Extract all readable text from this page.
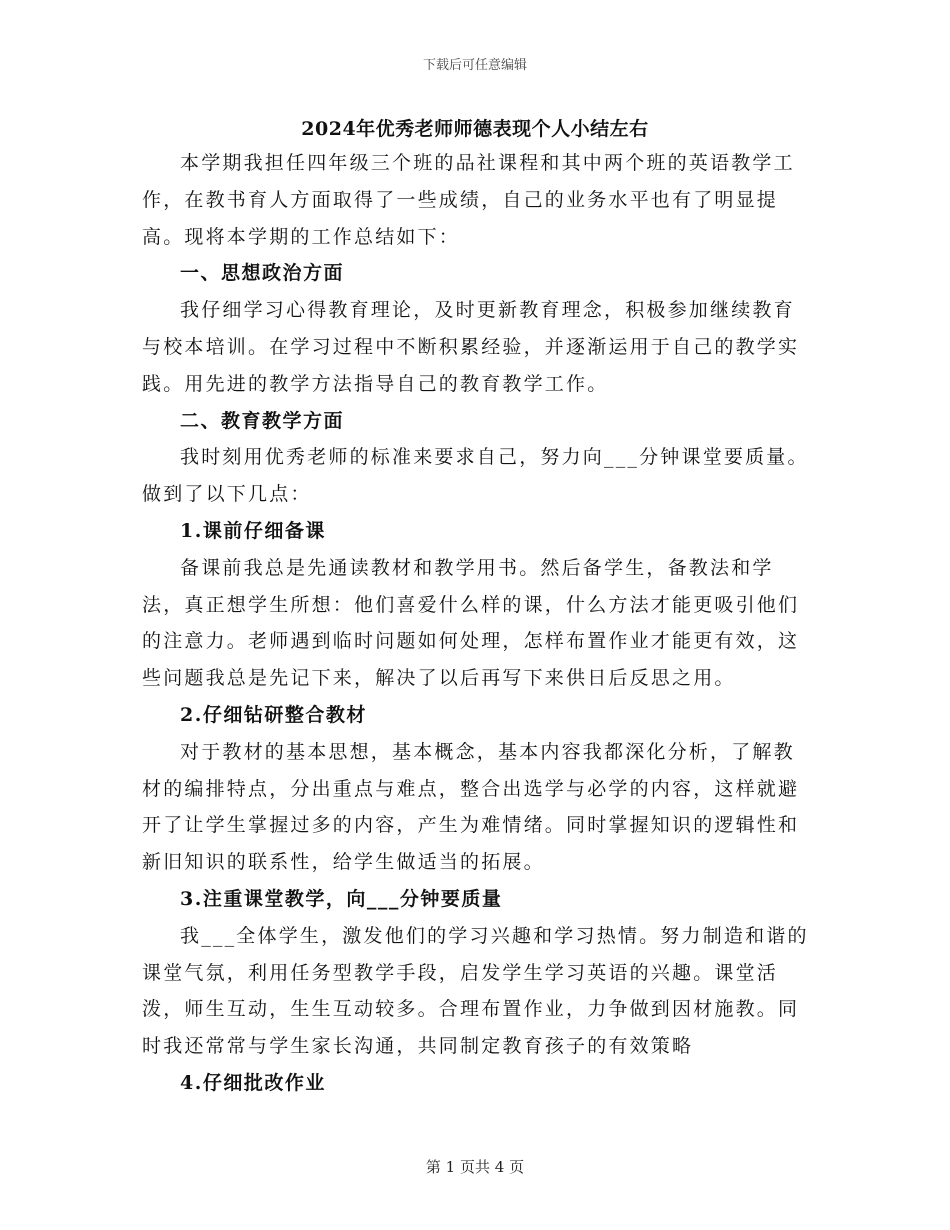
下载后可任意编辑
2024年优秀老师师德表现个人小结左右

本学期我担任四年级三个班的品社课程和其中两个班的英语教学工作，在教书育人方面取得了一些成绩，自己的业务水平也有了明显提高。现将本学期的工作总结如下：

一、思想政治方面

我仔细学习心得教育理论，及时更新教育理念，积极参加继续教育与校本培训。在学习过程中不断积累经验，并逐渐运用于自己的教学实践。用先进的教学方法指导自己的教育教学工作。

二、教育教学方面

我时刻用优秀老师的标准来要求自己，努力向___分钟课堂要质量。做到了以下几点：

1.课前仔细备课

备课前我总是先通读教材和教学用书。然后备学生，备教法和学法，真正想学生所想：他们喜爱什么样的课，什么方法才能更吸引他们的注意力。老师遇到临时问题如何处理，怎样布置作业才能更有效，这些问题我总是先记下来，解决了以后再写下来供日后反思之用。

2.仔细钻研整合教材

对于教材的基本思想，基本概念，基本内容我都深化分析，了解教材的编排特点，分出重点与难点，整合出选学与必学的内容，这样就避开了让学生掌握过多的内容，产生为难情绪。同时掌握知识的逻辑性和新旧知识的联系性，给学生做适当的拓展。

3.注重课堂教学，向___分钟要质量

我___全体学生，激发他们的学习兴趣和学习热情。努力制造和谐的课堂气氛，利用任务型教学手段，启发学生学习英语的兴趣。课堂活泼，师生互动，生生互动较多。合理布置作业，力争做到因材施教。同时我还常常与学生家长沟通，共同制定教育孩子的有效策略

4.仔细批改作业
第 1 页共 4 页
